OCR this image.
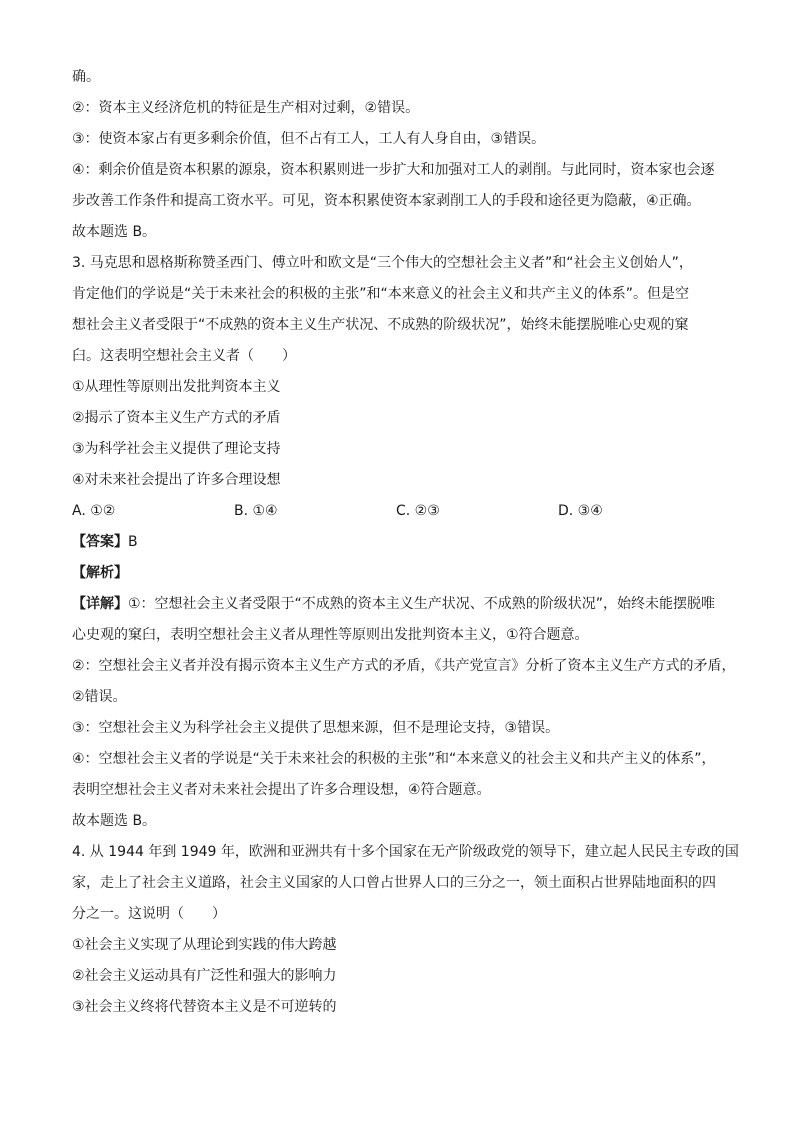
确。
②：资本主义经济危机的特征是生产相对过剩，②错误。
③：使资本家占有更多剩余价值，但不占有工人，工人有人身自由，③错误。
④：剩余价值是资本积累的源泉，资本积累则进一步扩大和加强对工人的剥削。与此同时，资本家也会逐
步改善工作条件和提高工资水平。可见，资本积累使资本家剥削工人的手段和途径更为隐蔽，④正确。
故本题选 B。
3. 马克思和恩格斯称赞圣西门、傅立叶和欧文是“三个伟大的空想社会主义者”和“社会主义创始人”，
肯定他们的学说是“关于未来社会的积极的主张”和“本来意义的社会主义和共产主义的体系”。但是空
想社会主义者受限于“不成熟的资本主义生产状况、不成熟的阶级状况”，始终未能摆脱唯心史观的窠
臼。这表明空想社会主义者（　　）
①从理性等原则出发批判资本主义
②揭示了资本主义生产方式的矛盾
③为科学社会主义提供了理论支持
④对未来社会提出了许多合理设想
A. ①②	B. ①④	C. ②③	D. ③④
【答案】B
【解析】
【详解】①：空想社会主义者受限于“不成熟的资本主义生产状况、不成熟的阶级状况”，始终未能摆脱唯
心史观的窠臼，表明空想社会主义者从理性等原则出发批判资本主义，①符合题意。
②：空想社会主义者并没有揭示资本主义生产方式的矛盾，《共产党宣言》分析了资本主义生产方式的矛盾，
②错误。
③：空想社会主义为科学社会主义提供了思想来源，但不是理论支持，③错误。
④：空想社会主义者的学说是“关于未来社会的积极的主张”和“本来意义的社会主义和共产主义的体系”，
表明空想社会主义者对未来社会提出了许多合理设想，④符合题意。
故本题选 B。
4. 从 1944 年到 1949 年，欧洲和亚洲共有十多个国家在无产阶级政党的领导下，建立起人民民主专政的国
家，走上了社会主义道路，社会主义国家的人口曾占世界人口的三分之一，领土面积占世界陆地面积的四
分之一。这说明（　　）
①社会主义实现了从理论到实践的伟大跨越
②社会主义运动具有广泛性和强大的影响力
③社会主义终将代替资本主义是不可逆转的
